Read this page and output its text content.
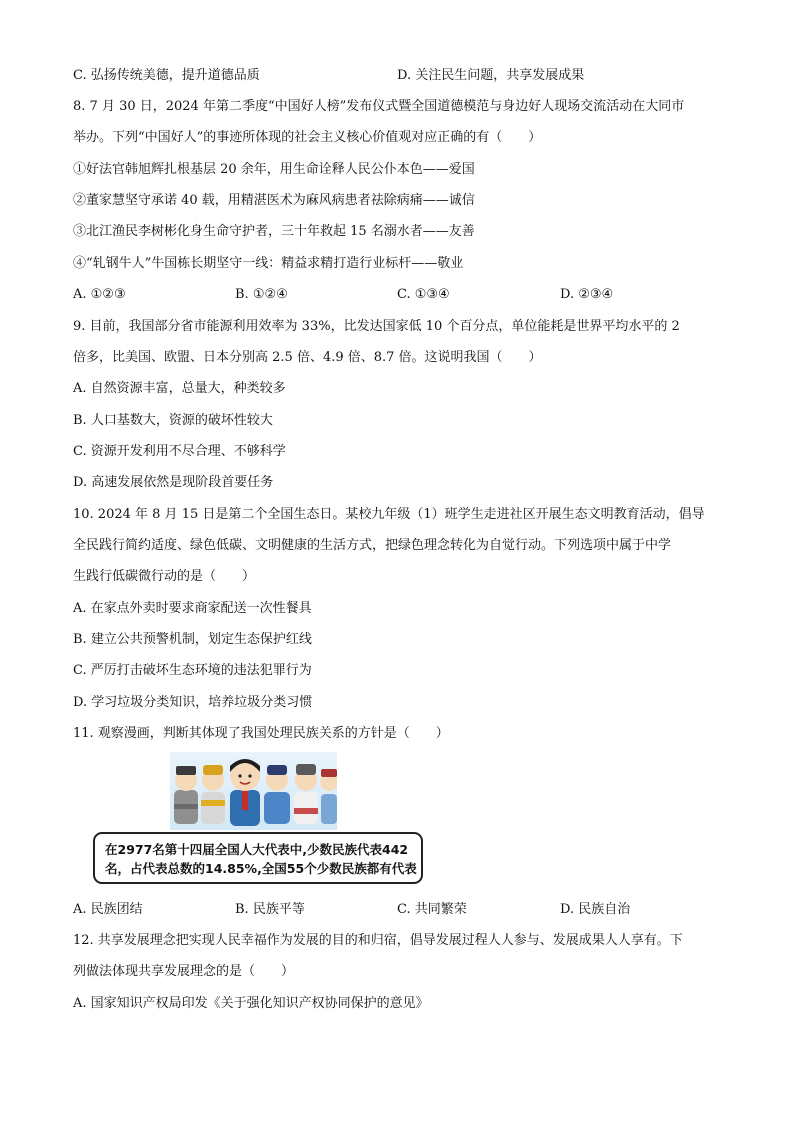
C. 弘扬传统美德，提升道德品质	D. 关注民生问题，共享发展成果
8. 7 月 30 日，2024 年第二季度“中国好人榜”发布仪式暨全国道德模范与身边好人现场交流活动在大同市
举办。下列“中国好人”的事迹所体现的社会主义核心价值观对应正确的有（　　）
①好法官韩旭辉扎根基层 20 余年，用生命诠释人民公仆本色——爱国
②董家慧坚守承诺 40 载，用精湛医术为麻风病患者祛除病痛——诚信
③北江渔民李树彬化身生命守护者，三十年救起 15 名溺水者——友善
④“轧钢牛人”牛国栋长期坚守一线：精益求精打造行业标杆——敬业
A. ①②③	B. ①②④	C. ①③④	D. ②③④
9. 目前，我国部分省市能源利用效率为 33%，比发达国家低 10 个百分点，单位能耗是世界平均水平的 2
倍多，比美国、欧盟、日本分别高 2.5 倍、4.9 倍、8.7 倍。这说明我国（　　）
A. 自然资源丰富，总量大，种类较多
B. 人口基数大，资源的破坏性较大
C. 资源开发利用不尽合理、不够科学
D. 高速发展依然是现阶段首要任务
10. 2024 年 8 月 15 日是第二个全国生态日。某校九年级（1）班学生走进社区开展生态文明教育活动，倡导
全民践行简约适度、绿色低碳、文明健康的生活方式，把绿色理念转化为自觉行动。下列选项中属于中学
生践行低碳微行动的是（　　）
A. 在家点外卖时要求商家配送一次性餐具
B. 建立公共预警机制，划定生态保护红线
C. 严厉打击破坏生态环境的违法犯罪行为
D. 学习垃圾分类知识，培养垃圾分类习惯
11. 观察漫画，判断其体现了我国处理民族关系的方针是（　　）
在2977名第十四届全国人大代表中,少数民族代表442
名，占代表总数的14.85%,全国55个少数民族都有代表
A. 民族团结	B. 民族平等	C. 共同繁荣	D. 民族自治
12. 共享发展理念把实现人民幸福作为发展的目的和归宿，倡导发展过程人人参与、发展成果人人享有。下
列做法体现共享发展理念的是（　　）
A. 国家知识产权局印发《关于强化知识产权协同保护的意见》
